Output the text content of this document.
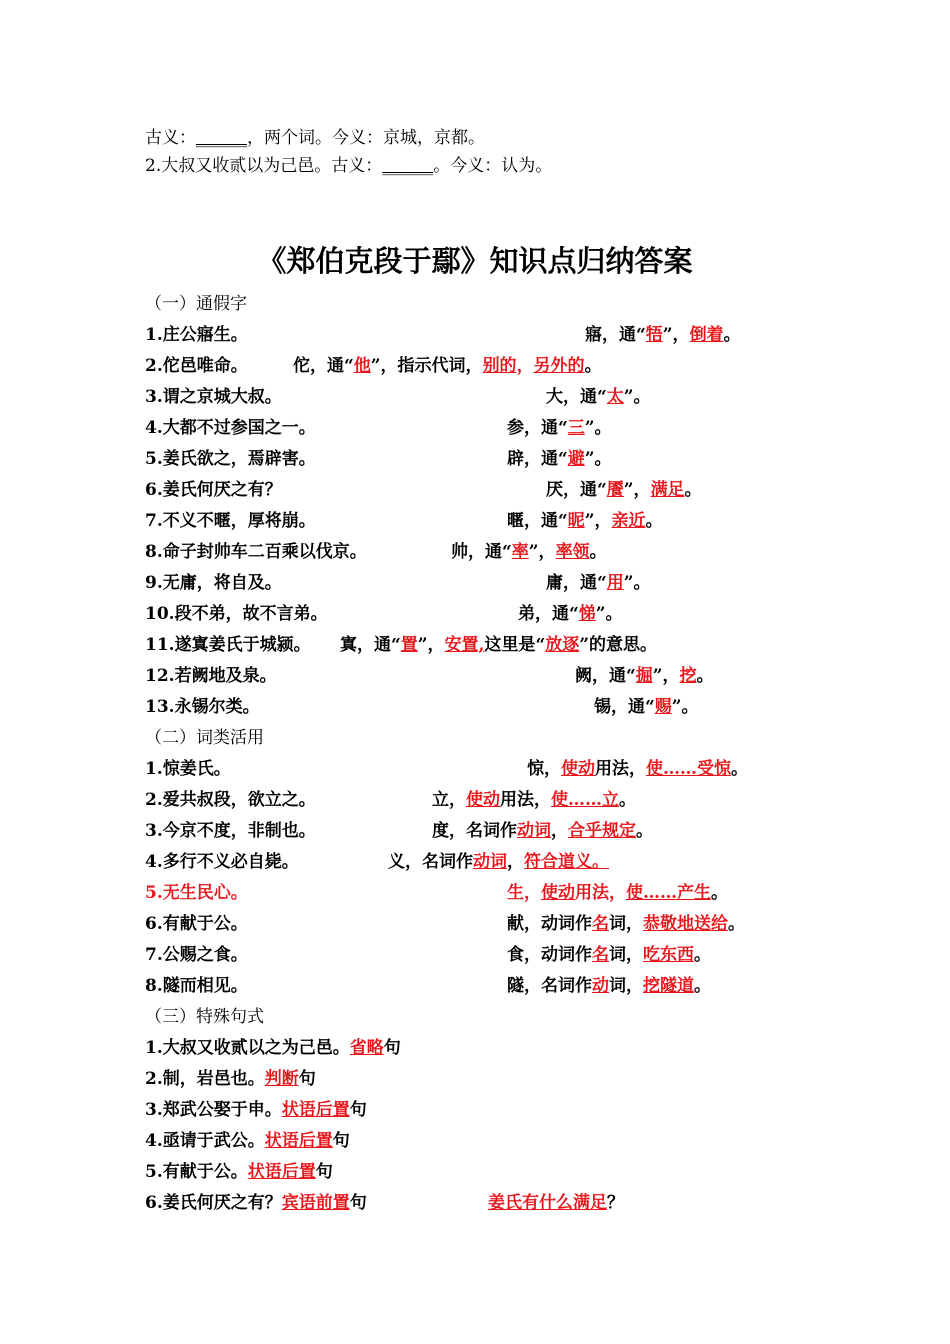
古义：______，两个词。今义：京城，京都。
2.大叔又收贰以为己邑。古义：______。今义：认为。
《郑伯克段于鄢》知识点归纳答案
（一）通假字
1.庄公寤生。	寤，通“牾”，倒着。
2.佗邑唯命。	佗，通“他”，指示代词，别的，另外的。
3.谓之京城大叔。	大，通“太”。
4.大都不过参国之一。	参，通“三”。
5.姜氏欲之，焉辟害。	辟，通“避”。
6.姜氏何厌之有？	厌，通“餍”，满足。
7.不义不暱，厚将崩。	暱，通“昵”，亲近。
8.命子封帅车二百乘以伐京。	帅，通“率”，率领。
9.无庸，将自及。	庸，通“用”。
10.段不弟，故不言弟。	弟，通“悌”。
11.遂寘姜氏于城颍。 寘，通“置”，安置,这里是“放逐”的意思。
12.若阙地及泉。	阙，通“掘”，挖。
13.永锡尔类。	锡，通“赐”。
（二）词类活用
1.惊姜氏。	惊，使动用法，使……受惊。
2.爱共叔段，欲立之。	立，使动用法，使……立。
3.今京不度，非制也。	度，名词作动词，合乎规定。
4.多行不义必自毙。	义，名词作动词，符合道义。
5.无生民心。	生，使动用法，使……产生。
6.有献于公。	献，动词作名词，恭敬地送给。
7.公赐之食。	食，动词作名词，吃东西。
8.隧而相见。	隧，名词作动词，挖隧道。
（三）特殊句式
1.大叔又收贰以之为己邑。省略句
2.制，岩邑也。判断句
3.郑武公娶于申。状语后置句
4.亟请于武公。状语后置句
5.有献于公。状语后置句
6.姜氏何厌之有？宾语前置句	姜氏有什么满足？
